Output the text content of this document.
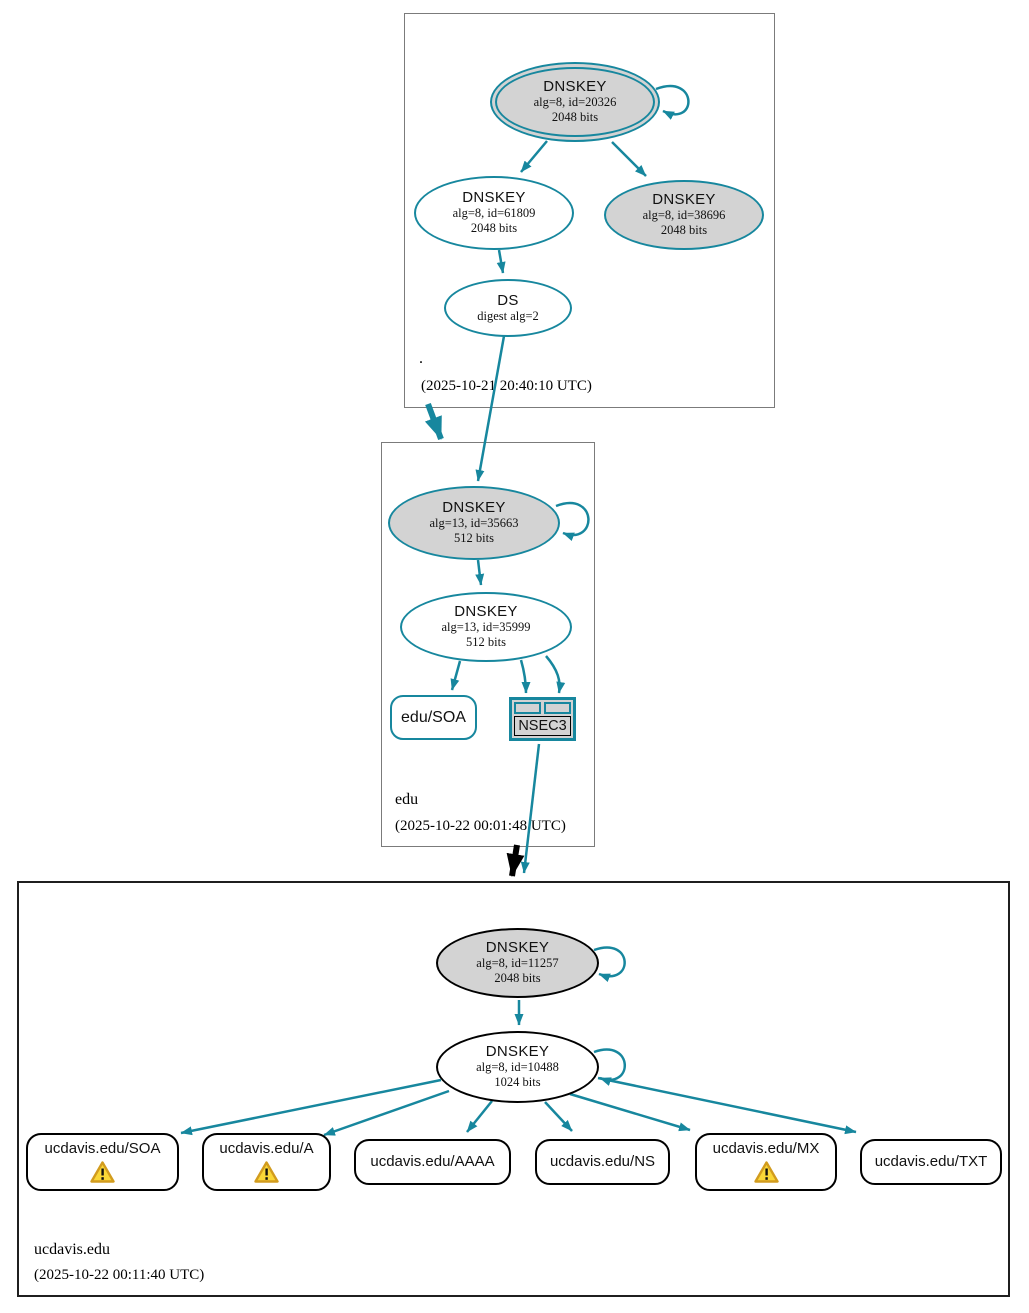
.
(2025-10-21 20:40:10 UTC)
edu
(2025-10-22 00:01:48 UTC)
ucdavis.edu
(2025-10-22 00:11:40 UTC)
DNSKEY
alg=8, id=20326
2048 bits
DNSKEY
alg=8, id=61809
2048 bits
DNSKEY
alg=8, id=38696
2048 bits
DS
digest alg=2
DNSKEY
alg=13, id=35663
512 bits
DNSKEY
alg=13, id=35999
512 bits
edu/SOA
NSEC3
DNSKEY
alg=8, id=11257
2048 bits
DNSKEY
alg=8, id=10488
1024 bits
ucdavis.edu/SOA	ucdavis.edu/A
ucdavis.edu/AAAA	ucdavis.edu/NS
ucdavis.edu/MX
ucdavis.edu/TXT
